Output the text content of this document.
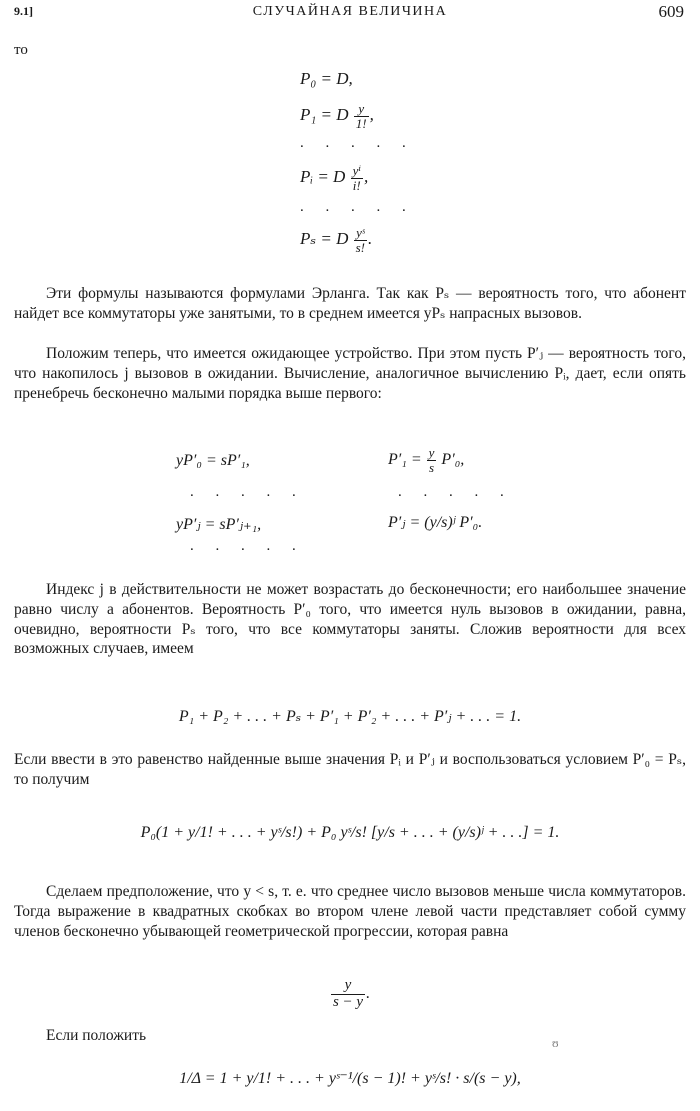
9.1]	СЛУЧАЙНАЯ ВЕЛИЧИНА	609
то
P₀ = D,
P₁ = D $\frac{y}{1!}$ ,
. . . . .
Pᵢ = D $\frac{\text{yⁱ}}{i!}$ ,
. . . . .
Pₛ = D $\frac{\text{yˢ}}{s!}$ .
Эти формулы называются формулами Эрланга. Так как Pₛ — вероятность того, что абонент найдет все коммутаторы уже занятыми, то в среднем имеется yPₛ напрасных вызовов.
Положим теперь, что имеется ожидающее устройство. При этом пусть P′ⱼ — вероятность того, что накопилось j вызовов в ожидании. Вычисление, аналогичное вычислению Pᵢ, дает, если опять пренебречь бесконечно малыми порядка выше первого:
yP′₀ = sP′₁,	$P'_1 = \frac{y}{s} P'_0$,
. . . . .	. . . . .
yP′ⱼ = sP′ⱼ₊₁,	P′ⱼ = (y/s)ʲ P′₀.
. . . . .
Индекс j в действительности не может возрастать до бесконечности; его наибольшее значение равно числу a абонентов. Вероятность P′₀ того, что имеется нуль вызовов в ожидании, равна, очевидно, вероятности Pₛ того, что все коммутаторы заняты. Сложив вероятности для всех возможных случаев, имеем
P₁ + P₂ + . . . + Pₛ + P′₁ + P′₂ + . . . + P′ⱼ + . . . = 1.
Если ввести в это равенство найденные выше значения Pᵢ и P′ⱼ и воспользоваться условием P′₀ = Pₛ, то получим
P₀(1 + y/1! + . . . + yˢ/s!) + P₀ yˢ/s! [y/s + . . . + (y/s)ʲ + . . .] = 1.
Сделаем предположение, что y < s, т. е. что среднее число вызовов меньше числа коммутаторов. Тогда выражение в квадратных скобках во втором члене левой части представляет собой сумму членов бесконечно убывающей геометрической прогрессии, которая равна
$\frac{y}{s - y}$ .
Если положить	ʊ
1/Δ = 1 + y/1! + . . . + yˢ⁻¹/(s − 1)! + yˢ/s! · s/(s − y),
